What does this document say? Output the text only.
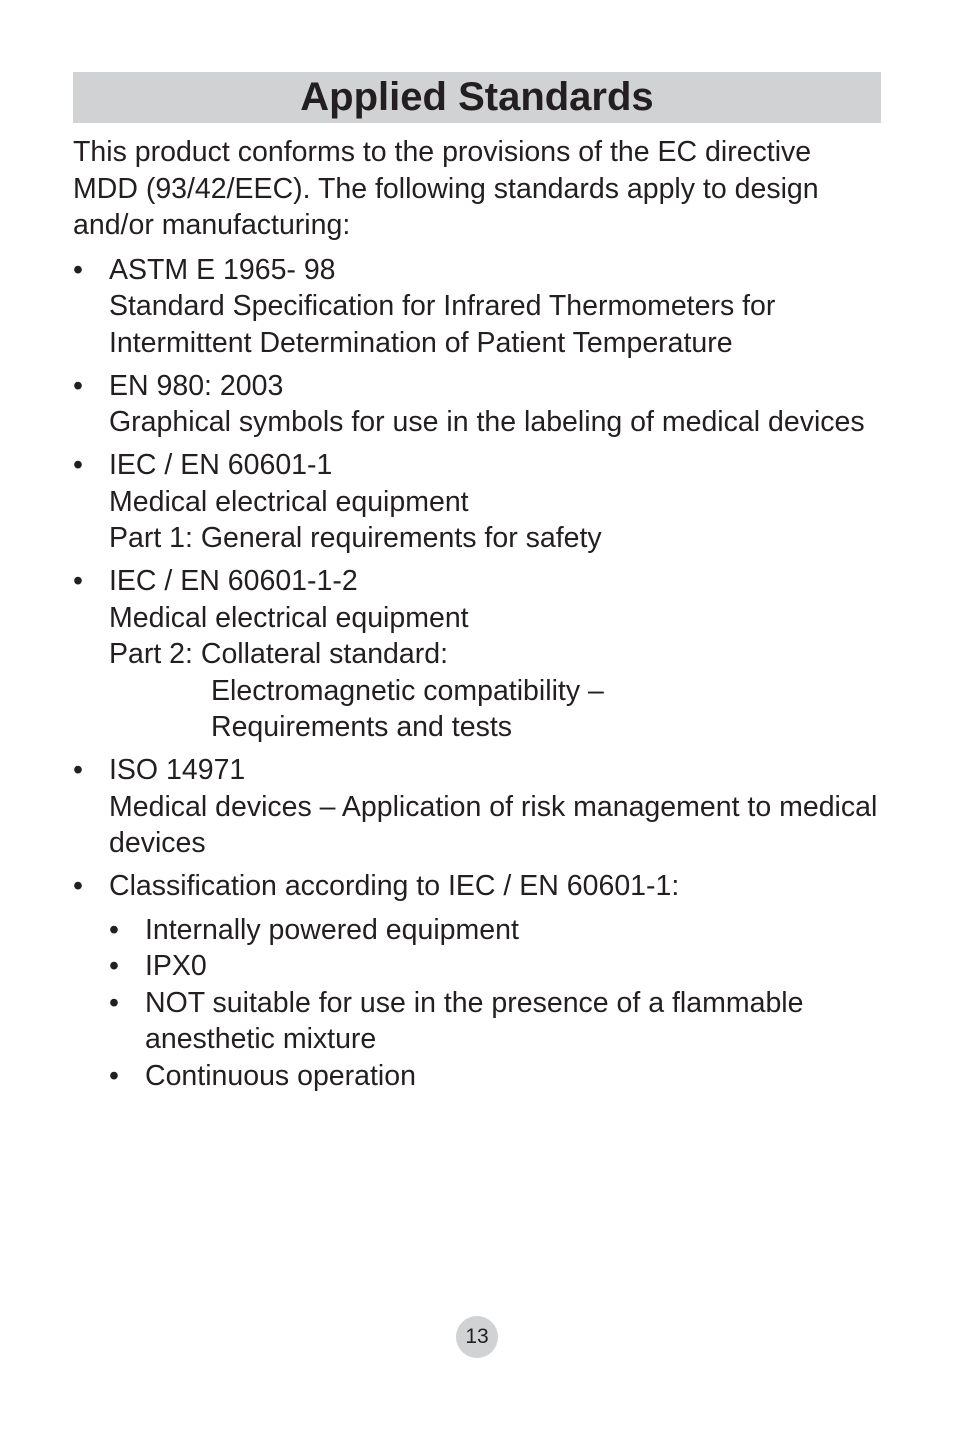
Applied Standards

This product conforms to the provisions of the EC directive MDD (93/42/EEC). The following standards apply to design and/or manufacturing:

• ASTM E 1965- 98
Standard Specification for Infrared Thermometers for Intermittent Determination of Patient Temperature
• EN 980: 2003
Graphical symbols for use in the labeling of medical devices
• IEC / EN 60601-1
Medical electrical equipment
Part 1: General requirements for safety
• IEC / EN 60601-1-2
Medical electrical equipment
Part 2: Collateral standard:
Electromagnetic compatibility –
Requirements and tests
• ISO 14971
Medical devices – Application of risk management to medical devices
• Classification according to IEC / EN 60601-1:
• Internally powered equipment
• IPX0
• NOT suitable for use in the presence of a flammable anesthetic mixture
• Continuous operation
13
